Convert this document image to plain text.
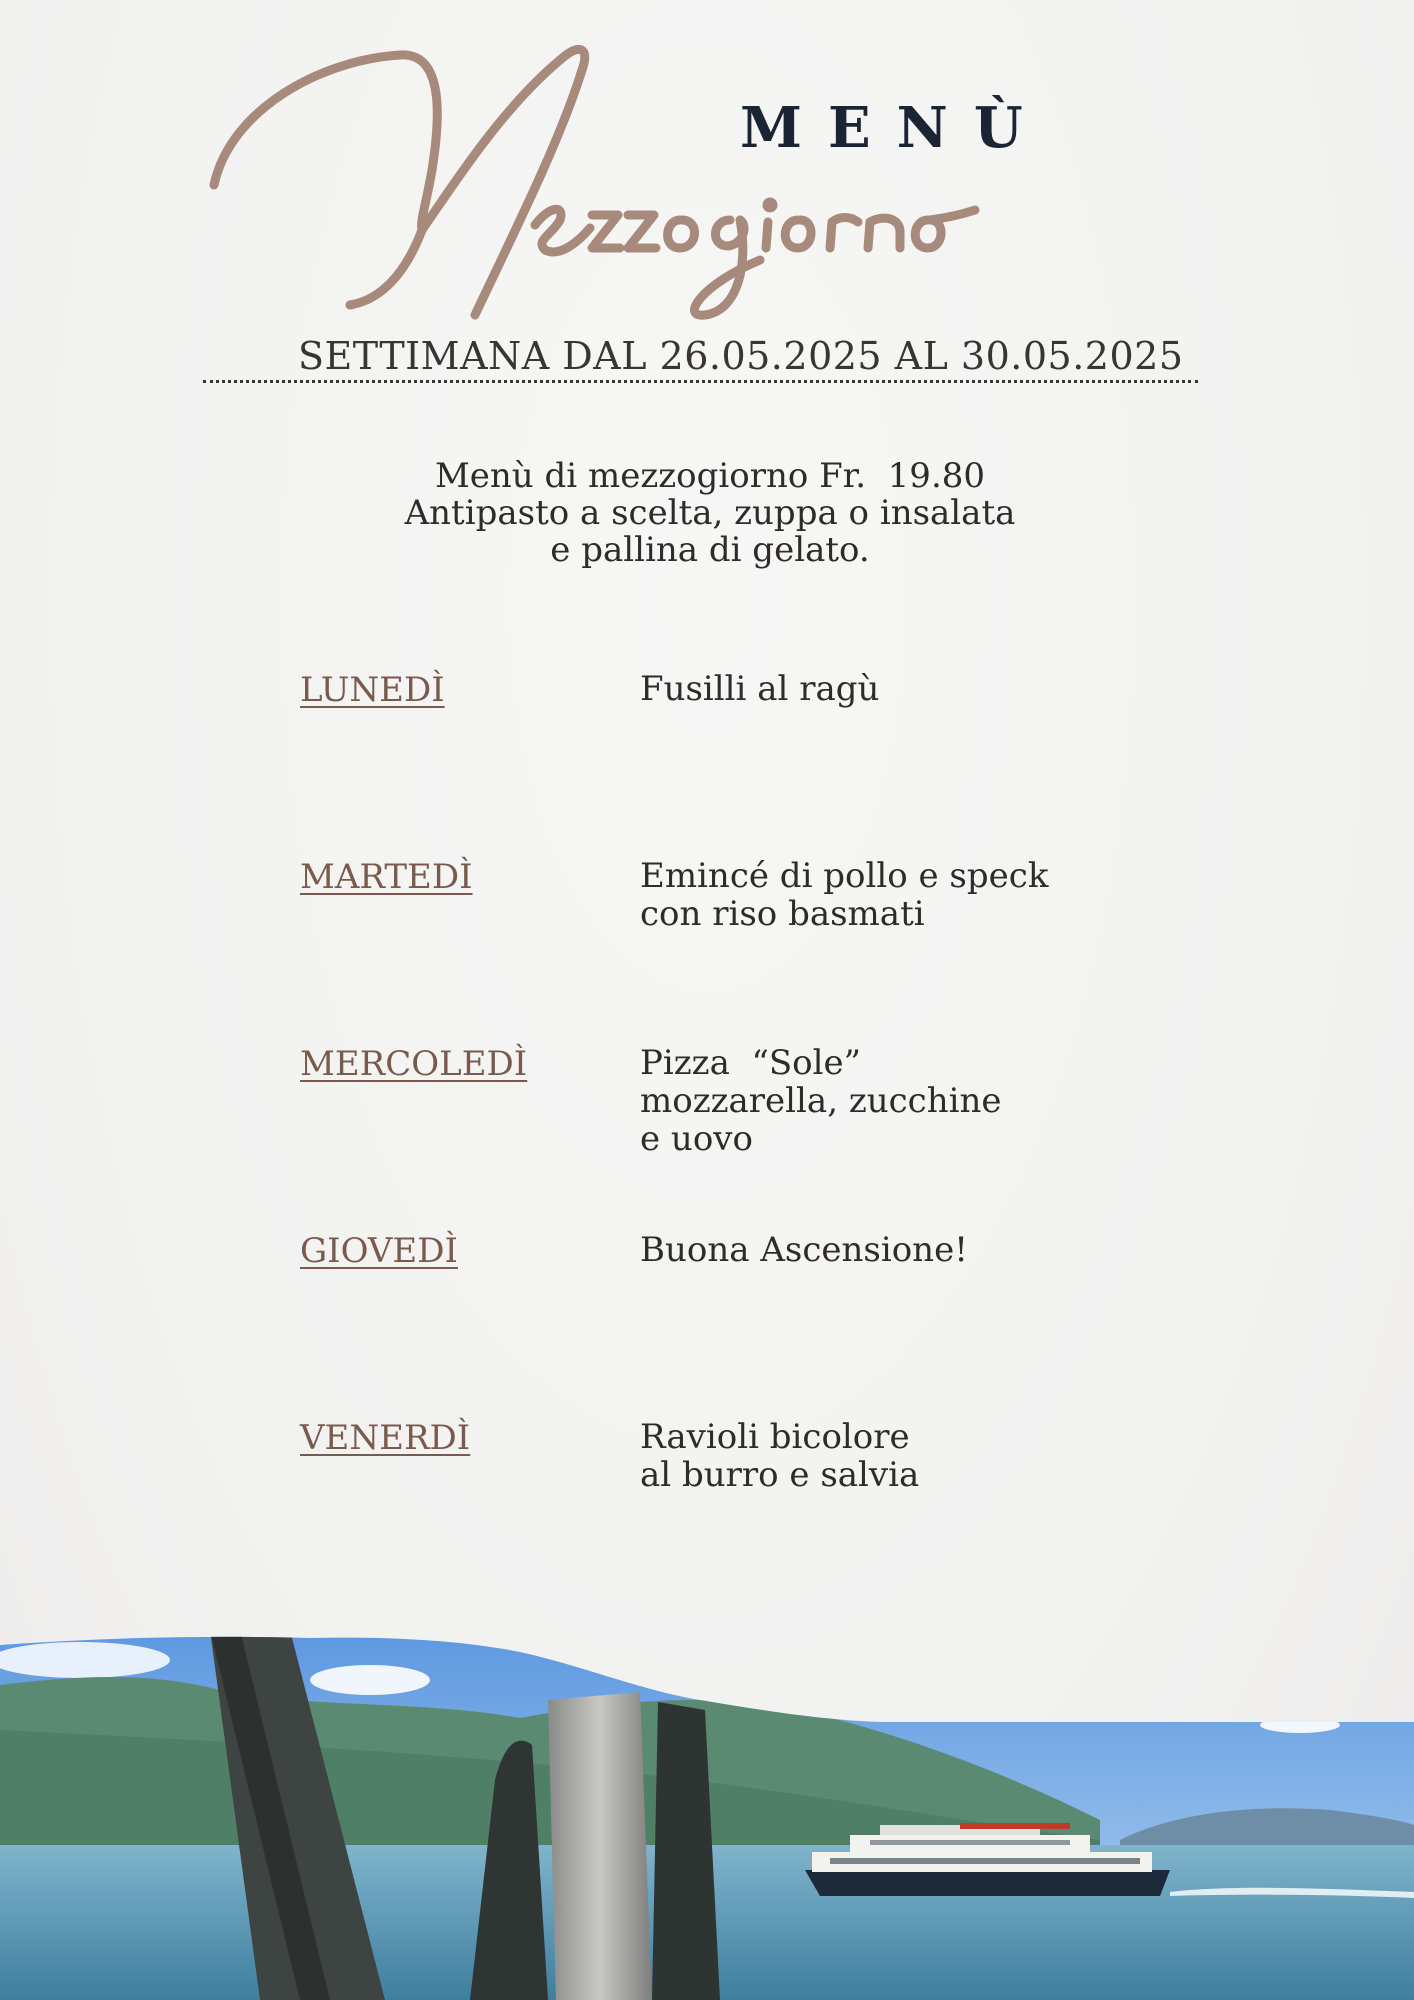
MENÙ
SETTIMANA DAL 26.05.2025 AL 30.05.2025
Menù di mezzogiorno Fr.  19.80
Antipasto a scelta, zuppa o insalata
e pallina di gelato.
LUNEDÌ	Fusilli al ragù
MARTEDÌ	Emincé di pollo e speck
con riso basmati
MERCOLEDÌ	Pizza  “Sole”
mozzarella, zucchine
e uovo
GIOVEDÌ	Buona Ascensione!
VENERDÌ	Ravioli bicolore
al burro e salvia
